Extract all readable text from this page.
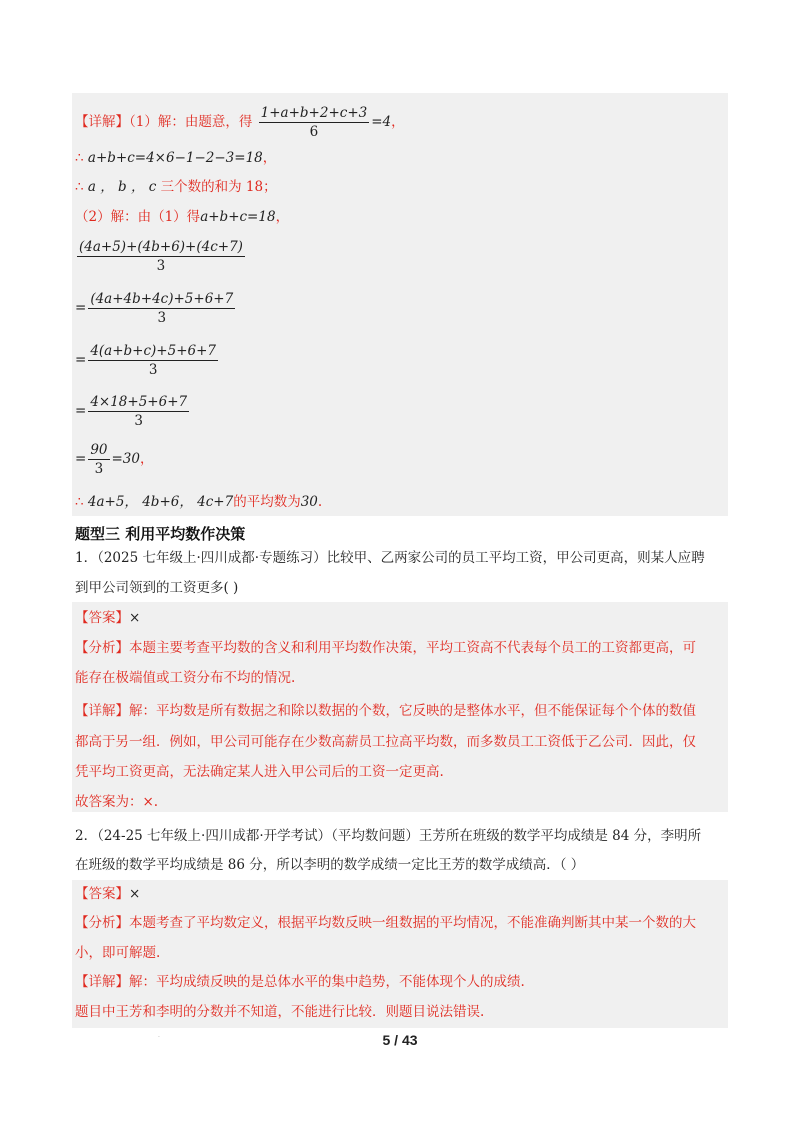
【详解】（1）解：由题意，得 $\frac{1+a+b+2+c+3}{6} =4$，
∴ a+b+c=4×6−1−2−3=18，
∴ a ， b ， c 三个数的和为 18；
（2）解：由（1）得a+b+c=18，
$\frac{(4a+5)+(4b+6)+(4c+7)}{3}$
= $\frac{(4a+4b+4c)+5+6+7}{3}$
= $\frac{4(a+b+c)+5+6+7}{3}$
= $\frac{4\times 18+5+6+7}{3}$
= $\frac{90}{3} =30$，
∴ 4a+5， 4b+6， 4c+7的平均数为30.
题型三 利用平均数作决策
1．（2025 七年级上·四川成都·专题练习）比较甲、乙两家公司的员工平均工资，甲公司更高，则某人应聘
到甲公司领到的工资更多( )
【答案】×
【分析】本题主要考查平均数的含义和利用平均数作决策，平均工资高不代表每个员工的工资都更高，可
能存在极端值或工资分布不均的情况.
【详解】解：平均数是所有数据之和除以数据的个数，它反映的是整体水平，但不能保证每个个体的数值
都高于另一组．例如，甲公司可能存在少数高薪员工拉高平均数，而多数员工工资低于乙公司．因此，仅
凭平均工资更高，无法确定某人进入甲公司后的工资一定更高.
故答案为：×.
2．（24-25 七年级上·四川成都·开学考试）（平均数问题）王芳所在班级的数学平均成绩是 84 分，李明所
在班级的数学平均成绩是 86 分，所以李明的数学成绩一定比王芳的数学成绩高．（ ）
【答案】×
【分析】本题考查了平均数定义，根据平均数反映一组数据的平均情况，不能准确判断其中某一个数的大
小，即可解题.
【详解】解：平均成绩反映的是总体水平的集中趋势，不能体现个人的成绩.
题目中王芳和李明的分数并不知道，不能进行比较．则题目说法错误.
·	5 / 43
